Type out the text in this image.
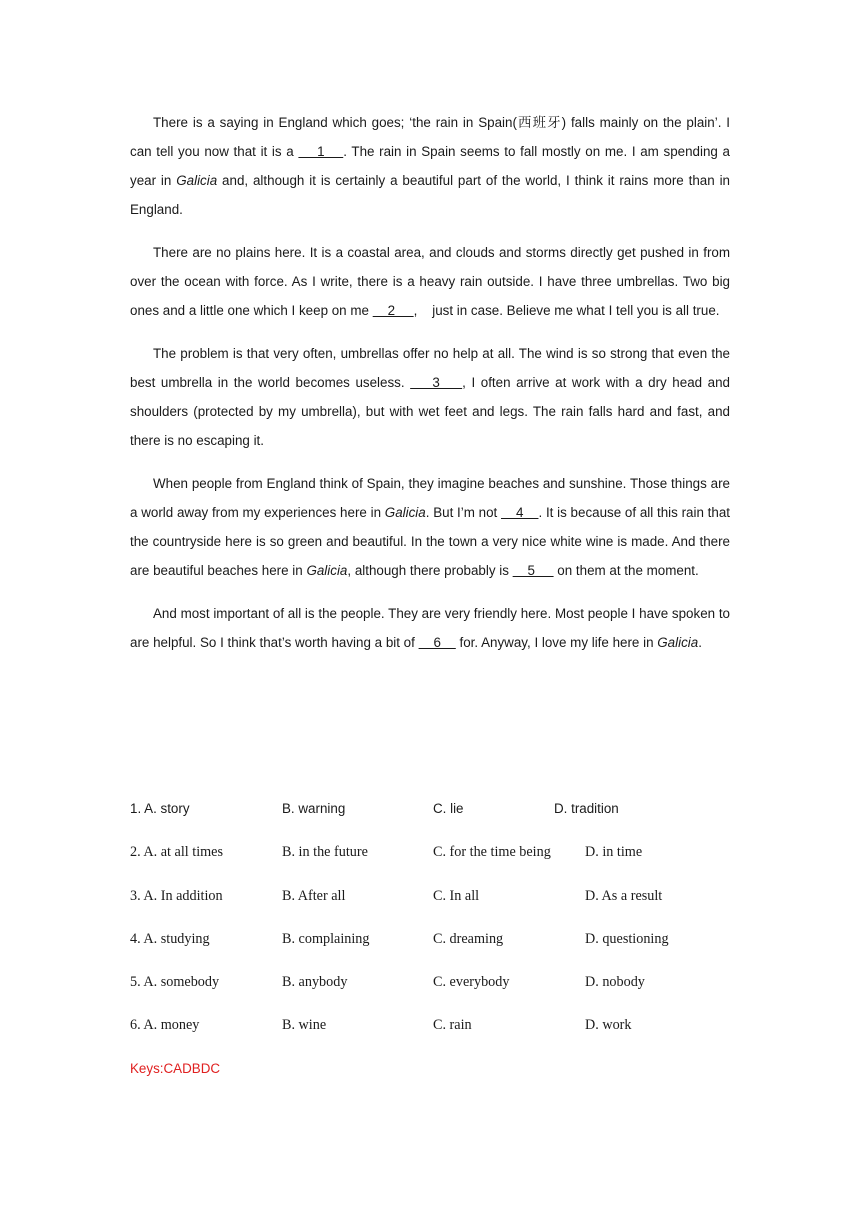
There is a saying in England which goes; ‘the rain in Spain(西班牙) falls mainly on the plain’. I can tell you now that it is a     1    . The rain in Spain seems to fall mostly on me. I am spending a year in Galicia and, although it is certainly a beautiful part of the world, I think it rains more than in England.

There are no plains here. It is a coastal area, and clouds and storms directly get pushed in from over the ocean with force. As I write, there is a heavy rain outside. I have three umbrellas. Two big ones and a little one which I keep on me     2     ,    just in case. Believe me what I tell you is all true.

The problem is that very often, umbrellas offer no help at all. The wind is so strong that even the best umbrella in the world becomes useless.     3    , I often arrive at work with a dry head and shoulders (protected by my umbrella), but with wet feet and legs. The rain falls hard and fast, and there is no escaping it.

When people from England think of Spain, they imagine beaches and sunshine. Those things are a world away from my experiences here in Galicia. But I’m not     4    . It is because of all this rain that the countryside here is so green and beautiful. In the town a very nice white wine is made. And there are beautiful beaches here in Galicia, although there probably is     5      on them at the moment.

And most important of all is the people. They are very friendly here. Most people I have spoken to are helpful. So I think that’s worth having a bit of     6     for. Anyway, I love my life here in Galicia.

1. A. story	B. warning	C. lie	D. tradition
2. A. at all times	B. in the future	C. for the time being D. in time
3. A. In addition	B. After all	C. In all	D. As a result
4. A. studying	B. complaining	C. dreaming	D. questioning
5. A. somebody	B. anybody	C. everybody	D. nobody
6. A. money	B. wine	C. rain	D. work
Keys:CADBDC
